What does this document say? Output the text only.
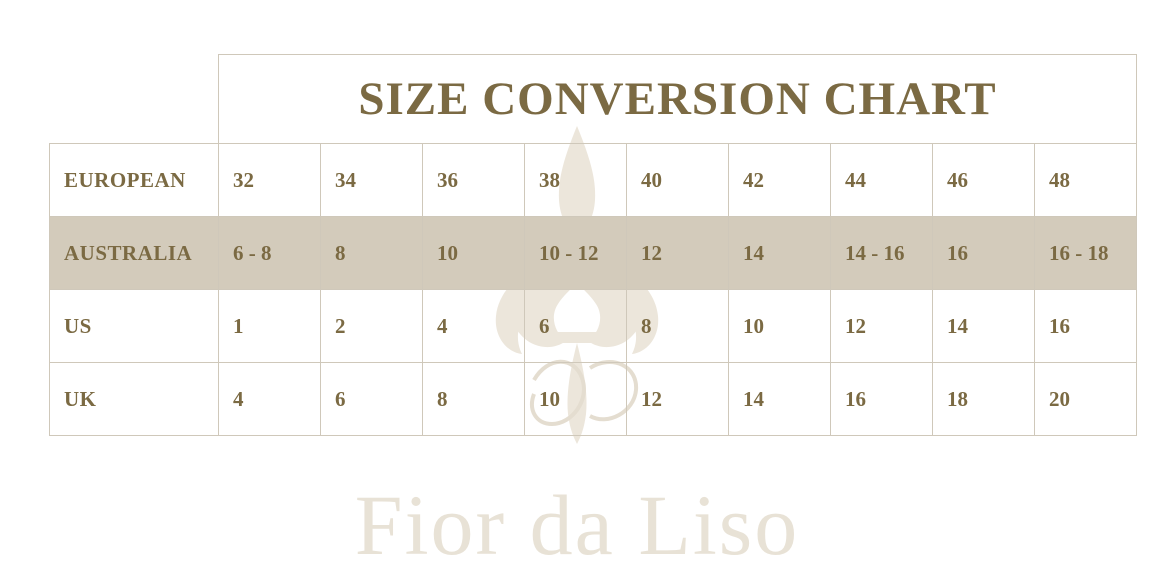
Fior da Liso
	SIZE CONVERSION CHART								
EUROPEAN	32	34	36	38	40	42	44	46	48
AUSTRALIA	6 - 8	8	10	10 - 12	12	14	14 - 16	16	16 - 18
US	1	2	4	6	8	10	12	14	16
UK	4	6	8	10	12	14	16	18	20
